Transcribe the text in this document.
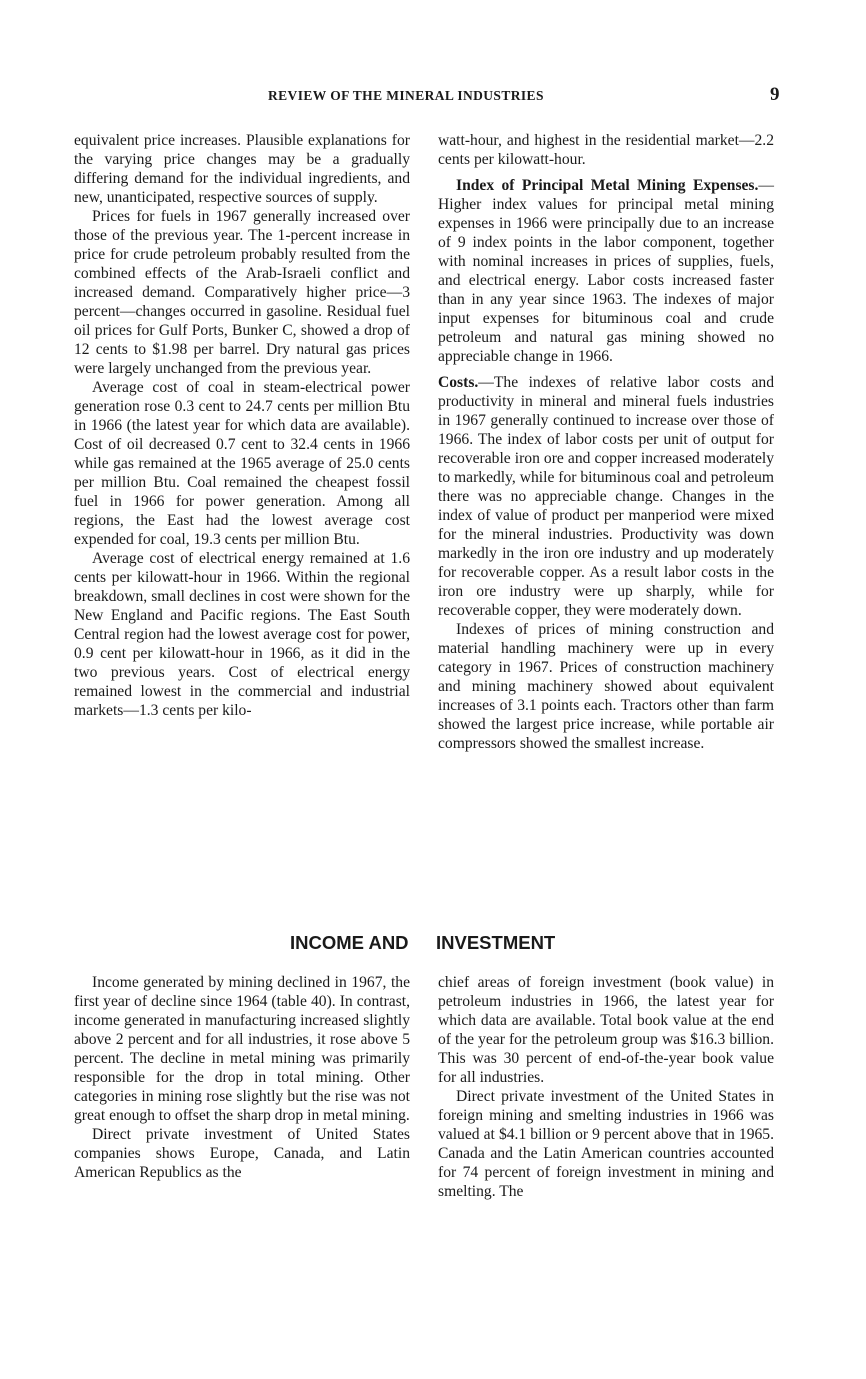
REVIEW OF THE MINERAL INDUSTRIES	9

equivalent price increases. Plausible explanations for the varying price changes may be a gradually differing demand for the individual ingredients, and new, unanticipated, respective sources of supply.

Prices for fuels in 1967 generally increased over those of the previous year. The 1-percent increase in price for crude petroleum probably resulted from the combined effects of the Arab-Israeli conflict and increased demand. Comparatively higher price—3 percent—changes occurred in gasoline. Residual fuel oil prices for Gulf Ports, Bunker C, showed a drop of 12 cents to $1.98 per barrel. Dry natural gas prices were largely unchanged from the previous year.

Average cost of coal in steam-electrical power generation rose 0.3 cent to 24.7 cents per million Btu in 1966 (the latest year for which data are available). Cost of oil decreased 0.7 cent to 32.4 cents in 1966 while gas remained at the 1965 average of 25.0 cents per million Btu. Coal remained the cheapest fossil fuel in 1966 for power generation. Among all regions, the East had the lowest average cost expended for coal, 19.3 cents per million Btu.

Average cost of electrical energy remained at 1.6 cents per kilowatt-hour in 1966. Within the regional breakdown, small declines in cost were shown for the New England and Pacific regions. The East South Central region had the lowest average cost for power, 0.9 cent per kilowatt-hour in 1966, as it did in the two previous years. Cost of electrical energy remained lowest in the commercial and industrial markets—1.3 cents per kilo-

watt-hour, and highest in the residential market—2.2 cents per kilowatt-hour.

Index of Principal Metal Mining Expenses.—Higher index values for principal metal mining expenses in 1966 were principally due to an increase of 9 index points in the labor component, together with nominal increases in prices of supplies, fuels, and electrical energy. Labor costs increased faster than in any year since 1963. The indexes of major input expenses for bituminous coal and crude petroleum and natural gas mining showed no appreciable change in 1966.

Costs.—The indexes of relative labor costs and productivity in mineral and mineral fuels industries in 1967 generally continued to increase over those of 1966. The index of labor costs per unit of output for recoverable iron ore and copper increased moderately to markedly, while for bituminous coal and petroleum there was no appreciable change. Changes in the index of value of product per manperiod were mixed for the mineral industries. Productivity was down markedly in the iron ore industry and up moderately for recoverable copper. As a result labor costs in the iron ore industry were up sharply, while for recoverable copper, they were moderately down.

Indexes of prices of mining construction and material handling machinery were up in every category in 1967. Prices of construction machinery and mining machinery showed about equivalent increases of 3.1 points each. Tractors other than farm showed the largest price increase, while portable air compressors showed the smallest increase.

INCOME AND INVESTMENT

Income generated by mining declined in 1967, the first year of decline since 1964 (table 40). In contrast, income generated in manufacturing increased slightly above 2 percent and for all industries, it rose above 5 percent. The decline in metal mining was primarily responsible for the drop in total mining. Other categories in mining rose slightly but the rise was not great enough to offset the sharp drop in metal mining.

Direct private investment of United States companies shows Europe, Canada, and Latin American Republics as the

chief areas of foreign investment (book value) in petroleum industries in 1966, the latest year for which data are available. Total book value at the end of the year for the petroleum group was $16.3 billion. This was 30 percent of end-of-the-year book value for all industries.

Direct private investment of the United States in foreign mining and smelting industries in 1966 was valued at $4.1 billion or 9 percent above that in 1965. Canada and the Latin American countries accounted for 74 percent of foreign investment in mining and smelting. The
